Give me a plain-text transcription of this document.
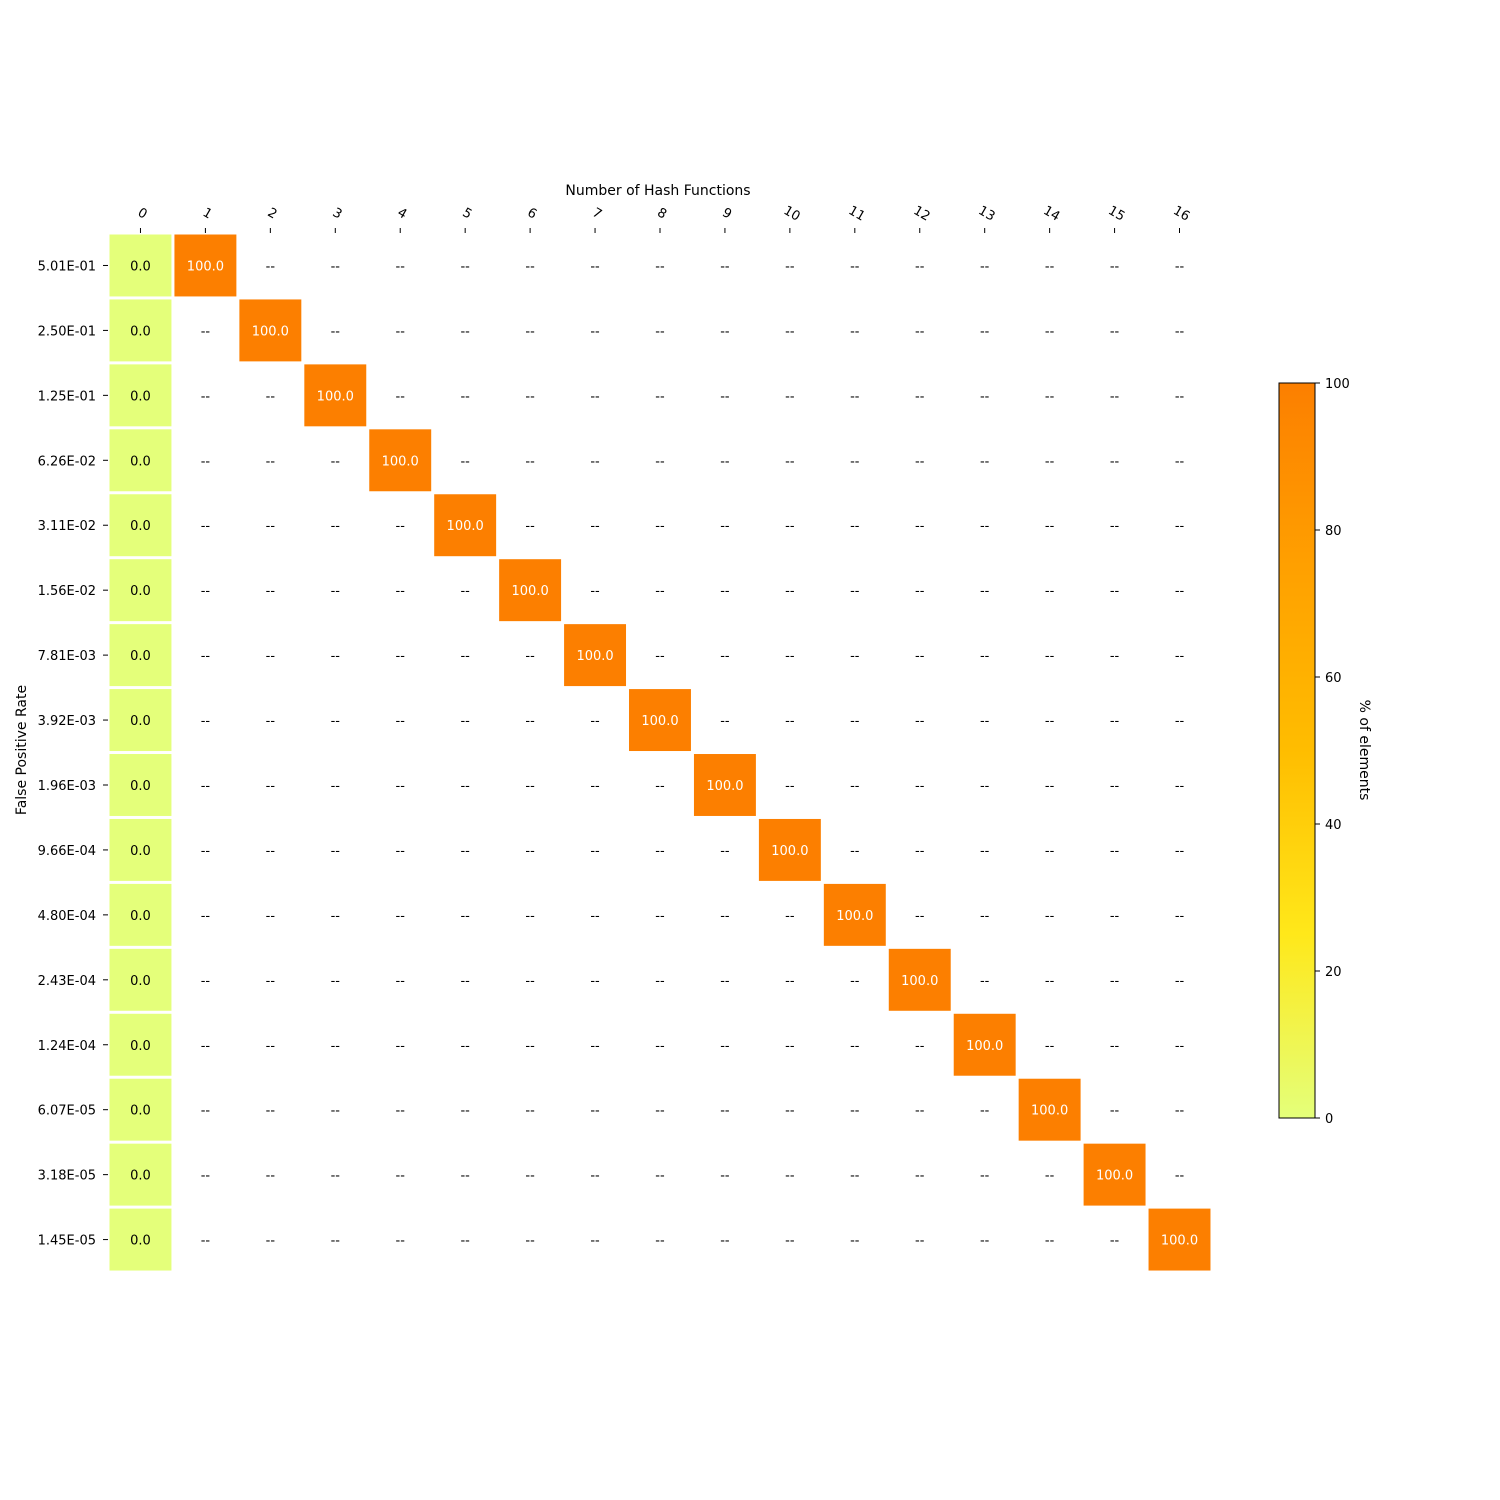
0.0	100.0	--	--	--	--	--	--	--	--	--	--	--	--	--	--	--
0.0	--	100.0	--	--	--	--	--	--	--	--	--	--	--	--	--	--
0.0	--	--	100.0	--	--	--	--	--	--	--	--	--	--	--	--	--
0.0	--	--	--	100.0	--	--	--	--	--	--	--	--	--	--	--	--
0.0	--	--	--	--	100.0	--	--	--	--	--	--	--	--	--	--	--
0.0	--	--	--	--	--	100.0	--	--	--	--	--	--	--	--	--	--
0.0	--	--	--	--	--	--	100.0	--	--	--	--	--	--	--	--	--
0.0	--	--	--	--	--	--	--	100.0	--	--	--	--	--	--	--	--
0.0	--	--	--	--	--	--	--	--	100.0	--	--	--	--	--	--	--
0.0	--	--	--	--	--	--	--	--	--	100.0	--	--	--	--	--	--
0.0	--	--	--	--	--	--	--	--	--	--	100.0	--	--	--	--	--
0.0	--	--	--	--	--	--	--	--	--	--	--	100.0	--	--	--	--
0.0	--	--	--	--	--	--	--	--	--	--	--	--	100.0	--	--	--
0.0	--	--	--	--	--	--	--	--	--	--	--	--	--	100.0	--	--
0.0	--	--	--	--	--	--	--	--	--	--	--	--	--	--	100.0	--
0.0	--	--	--	--	--	--	--	--	--	--	--	--	--	--	--	100.0
0	1	2	3	4	5	6	7	8	9	10	11	12	13	14	15	16
5.01E-01
2.50E-01
1.25E-01
6.26E-02
3.11E-02
1.56E-02
7.81E-03
3.92E-03
1.96E-03
9.66E-04
4.80E-04
2.43E-04
1.24E-04
6.07E-05
3.18E-05
1.45E-05
Number of Hash Functions
False Positive Rate
0
20
40
60
80
100
% of elements
